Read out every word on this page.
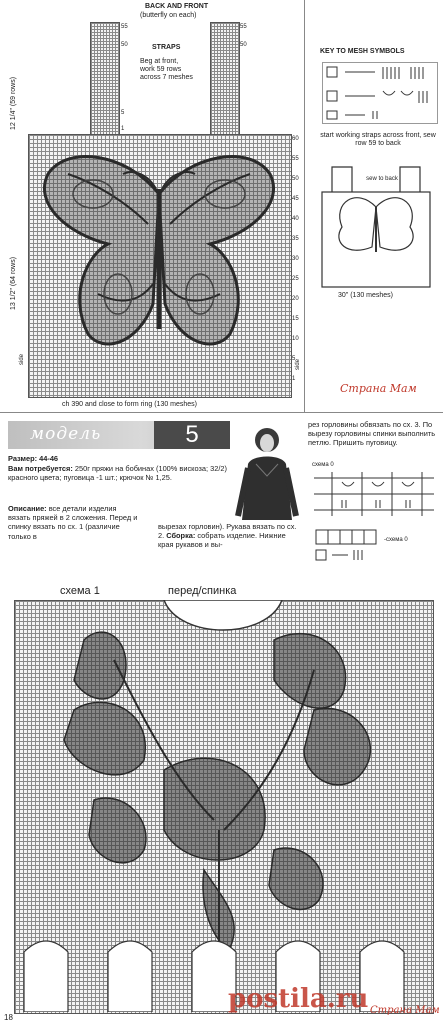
BACK AND FRONT
(butterfly on each)
55
50
5
1
55
50
STRAPS
Beg at front,
work 59 rows
across 7 meshes
60
55
50
45
40
35
30
25
20
15
10
5
1
12 1/4" (59 rows)
13 1/2" (64 rows)
side	side
ch 390 and close to form ring (130 meshes)
KEY TO MESH SYMBOLS
start working straps across front, sew row 59 to back
sew to back
30" (130 meshes)
Страна Мам
модель	5
Размер: 44-46
Вам потребуется: 250г пряжи на бобинах (100% вискоза; 32/2) красного цвета; пуговица -1 шт.; крючок № 1,25.
Описание: все детали изделия вязать пряжей в 2 сложения. Перед и спинку вязать по сх. 1 (различие только в
вырезах горловин). Рукава вязать по сх. 2. Сборка: собрать изделие. Нижние края рукавов и вы-
рез горловины обвязать по сх. 3. По вырезу горловины спинки выполнить петлю. Пришить пуговицу.
схема 0
-схема 0
схема 1	перед/спинка
18
postila.ru Страна Мам
